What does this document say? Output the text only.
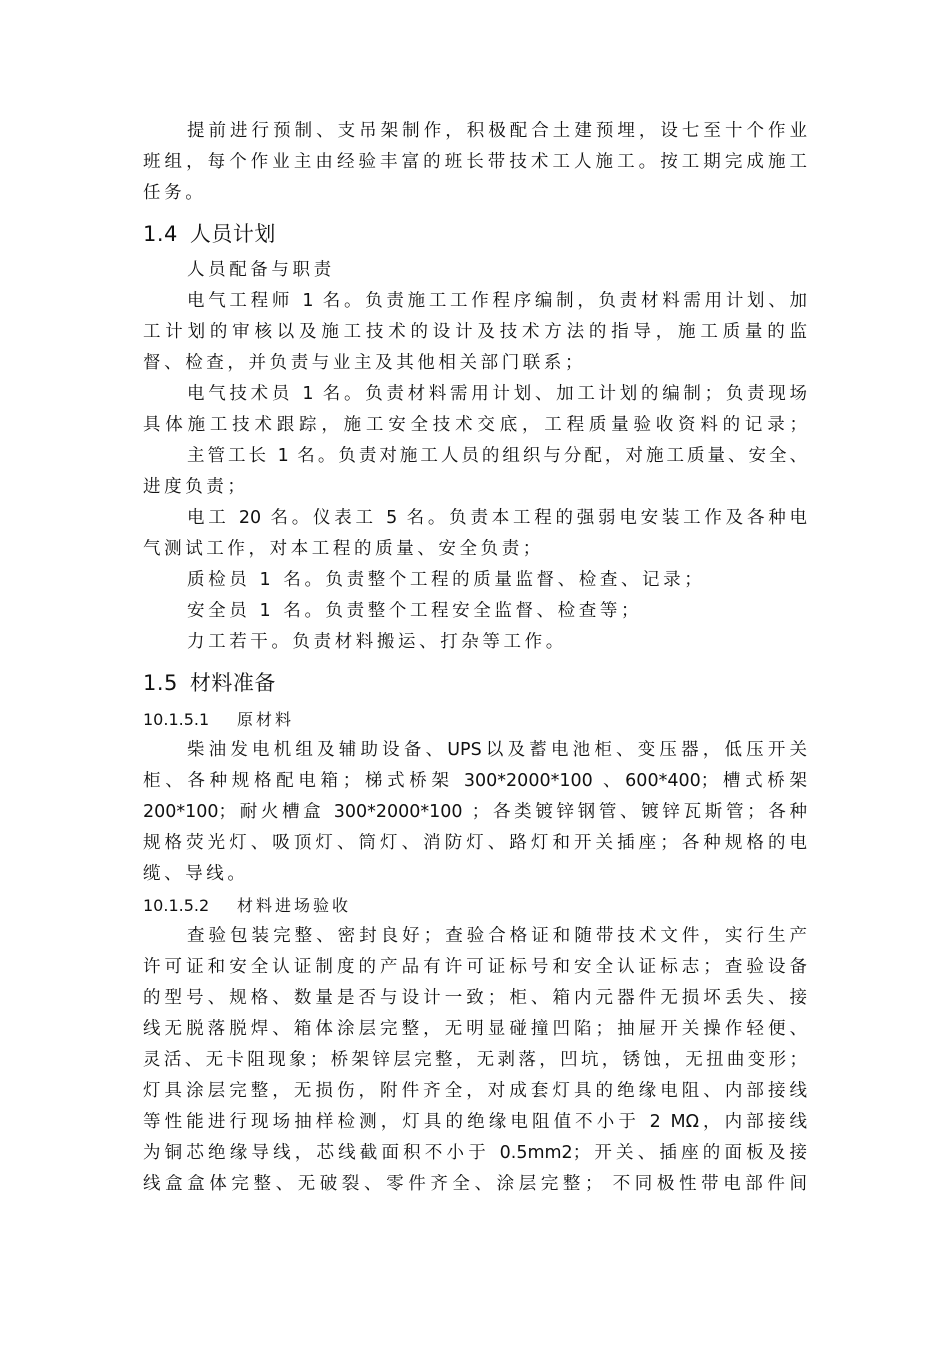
提前进行预制、支吊架制作，积极配合土建预埋，设七至十个作业
班组，每个作业主由经验丰富的班长带技术工人施工。按工期完成施工
任务。
1.4 人员计划
人员配备与职责
电气工程师 1 名。负责施工工作程序编制，负责材料需用计划、加
工计划的审核以及施工技术的设计及技术方法的指导，施工质量的监
督、检查，并负责与业主及其他相关部门联系；
电气技术员 1 名。负责材料需用计划、加工计划的编制；负责现场
具体施工技术跟踪，施工安全技术交底，工程质量验收资料的记录；
主管工长 1 名。负责对施工人员的组织与分配，对施工质量、安全、
进度负责；
电工 20 名。仪表工 5 名。负责本工程的强弱电安装工作及各种电
气测试工作，对本工程的质量、安全负责；
质检员 1 名。负责整个工程的质量监督、检查、记录；
安全员 1 名。负责整个工程安全监督、检查等；
力工若干。负责材料搬运、打杂等工作。
1.5 材料准备
10.1.5.1 原材料
柴油发电机组及辅助设备、UPS以及蓄电池柜、变压器，低压开关
柜、各种规格配电箱；梯式桥架 300*2000*100 、600*400；槽式桥架
200*100；耐火槽盒 300*2000*100 ；各类镀锌钢管、镀锌瓦斯管；各种
规格荧光灯、吸顶灯、筒灯、消防灯、路灯和开关插座；各种规格的电
缆、导线。
10.1.5.2 材料进场验收
查验包装完整、密封良好；查验合格证和随带技术文件，实行生产
许可证和安全认证制度的产品有许可证标号和安全认证标志；查验设备
的型号、规格、数量是否与设计一致；柜、箱内元器件无损坏丢失、接
线无脱落脱焊、箱体涂层完整，无明显碰撞凹陷；抽屉开关操作轻便、
灵活、无卡阻现象；桥架锌层完整，无剥落，凹坑，锈蚀，无扭曲变形；
灯具涂层完整，无损伤，附件齐全，对成套灯具的绝缘电阻、内部接线
等性能进行现场抽样检测，灯具的绝缘电阻值不小于 2 MΩ，内部接线
为铜芯绝缘导线，芯线截面积不小于 0.5mm2；开关、插座的面板及接
线盒盒体完整、无破裂、零件齐全、涂层完整； 不同极性带电部件间
